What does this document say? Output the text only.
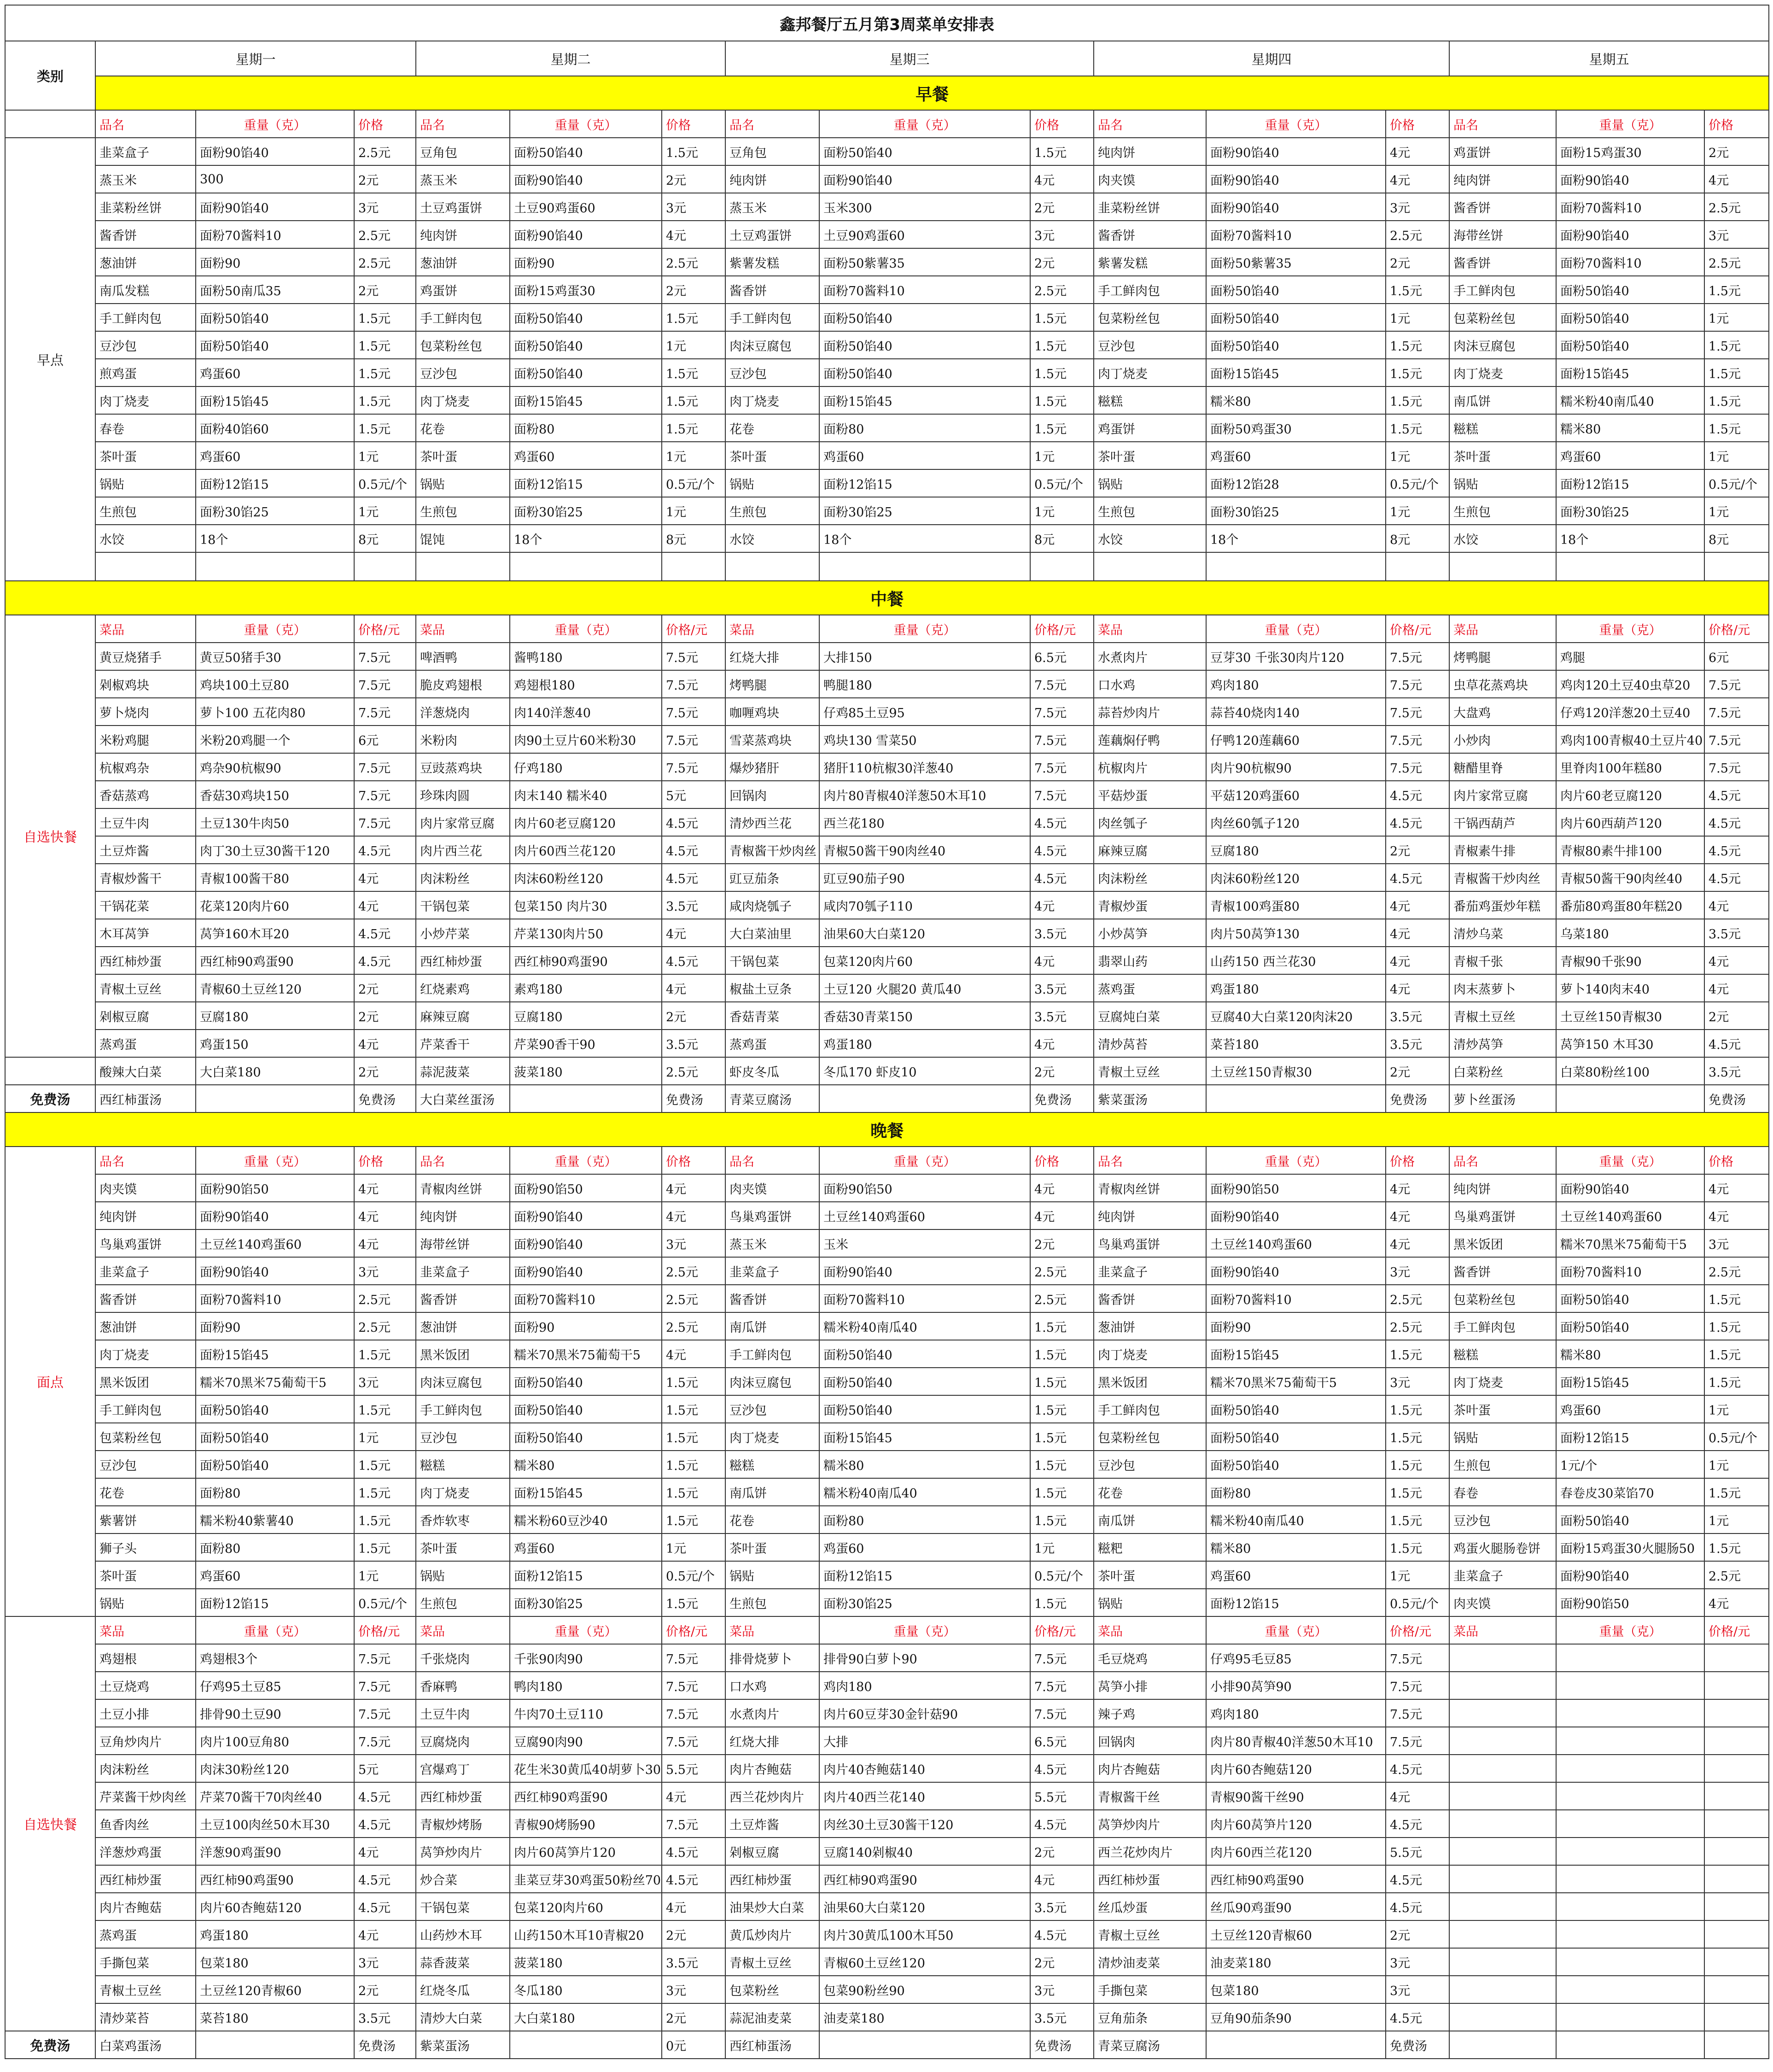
鑫邦餐厅五月第3周菜单安排表															
类别	星期一			星期二			星期三			星期四			星期五		
	早餐														
	品名	重量（克）	价格	品名	重量（克）	价格	品名	重量（克）	价格	品名	重量（克）	价格	品名	重量（克）	价格
早点	韭菜盒子	面粉90馅40	2.5元	豆角包	面粉50馅40	1.5元	豆角包	面粉50馅40	1.5元	纯肉饼	面粉90馅40	4元	鸡蛋饼	面粉15鸡蛋30	2元
	蒸玉米	300	2元	蒸玉米	面粉90馅40	2元	纯肉饼	面粉90馅40	4元	肉夹馍	面粉90馅40	4元	纯肉饼	面粉90馅40	4元
	韭菜粉丝饼	面粉90馅40	3元	土豆鸡蛋饼	土豆90鸡蛋60	3元	蒸玉米	玉米300	2元	韭菜粉丝饼	面粉90馅40	3元	酱香饼	面粉70酱料10	2.5元
	酱香饼	面粉70酱料10	2.5元	纯肉饼	面粉90馅40	4元	土豆鸡蛋饼	土豆90鸡蛋60	3元	酱香饼	面粉70酱料10	2.5元	海带丝饼	面粉90馅40	3元
	葱油饼	面粉90	2.5元	葱油饼	面粉90	2.5元	紫薯发糕	面粉50紫薯35	2元	紫薯发糕	面粉50紫薯35	2元	酱香饼	面粉70酱料10	2.5元
	南瓜发糕	面粉50南瓜35	2元	鸡蛋饼	面粉15鸡蛋30	2元	酱香饼	面粉70酱料10	2.5元	手工鲜肉包	面粉50馅40	1.5元	手工鲜肉包	面粉50馅40	1.5元
	手工鲜肉包	面粉50馅40	1.5元	手工鲜肉包	面粉50馅40	1.5元	手工鲜肉包	面粉50馅40	1.5元	包菜粉丝包	面粉50馅40	1元	包菜粉丝包	面粉50馅40	1元
	豆沙包	面粉50馅40	1.5元	包菜粉丝包	面粉50馅40	1元	肉沫豆腐包	面粉50馅40	1.5元	豆沙包	面粉50馅40	1.5元	肉沫豆腐包	面粉50馅40	1.5元
	煎鸡蛋	鸡蛋60	1.5元	豆沙包	面粉50馅40	1.5元	豆沙包	面粉50馅40	1.5元	肉丁烧麦	面粉15馅45	1.5元	肉丁烧麦	面粉15馅45	1.5元
	肉丁烧麦	面粉15馅45	1.5元	肉丁烧麦	面粉15馅45	1.5元	肉丁烧麦	面粉15馅45	1.5元	糍糕	糯米80	1.5元	南瓜饼	糯米粉40南瓜40	1.5元
	春卷	面粉40馅60	1.5元	花卷	面粉80	1.5元	花卷	面粉80	1.5元	鸡蛋饼	面粉50鸡蛋30	1.5元	糍糕	糯米80	1.5元
	茶叶蛋	鸡蛋60	1元	茶叶蛋	鸡蛋60	1元	茶叶蛋	鸡蛋60	1元	茶叶蛋	鸡蛋60	1元	茶叶蛋	鸡蛋60	1元
	锅贴	面粉12馅15	0.5元/个	锅贴	面粉12馅15	0.5元/个	锅贴	面粉12馅15	0.5元/个	锅贴	面粉12馅28	0.5元/个	锅贴	面粉12馅15	0.5元/个
	生煎包	面粉30馅25	1元	生煎包	面粉30馅25	1元	生煎包	面粉30馅25	1元	生煎包	面粉30馅25	1元	生煎包	面粉30馅25	1元
	水饺	18个	8元	馄饨	18个	8元	水饺	18个	8元	水饺	18个	8元	水饺	18个	8元

中餐															
自选快餐	菜品	重量（克）	价格/元	菜品	重量（克）	价格/元	菜品	重量（克）	价格/元	菜品	重量（克）	价格/元	菜品	重量（克）	价格/元
	黄豆烧猪手	黄豆50猪手30	7.5元	啤酒鸭	酱鸭180	7.5元	红烧大排	大排150	6.5元	水煮肉片	豆芽30 千张30肉片120	7.5元	烤鸭腿	鸡腿	6元
	剁椒鸡块	鸡块100土豆80	7.5元	脆皮鸡翅根	鸡翅根180	7.5元	烤鸭腿	鸭腿180	7.5元	口水鸡	鸡肉180	7.5元	虫草花蒸鸡块	鸡肉120土豆40虫草20	7.5元
	萝卜烧肉	萝卜100 五花肉80	7.5元	洋葱烧肉	肉140洋葱40	7.5元	咖喱鸡块	仔鸡85土豆95	7.5元	蒜苔炒肉片	蒜苔40烧肉140	7.5元	大盘鸡	仔鸡120洋葱20土豆40	7.5元
	米粉鸡腿	米粉20鸡腿一个	6元	米粉肉	肉90土豆片60米粉30	7.5元	雪菜蒸鸡块	鸡块130 雪菜50	7.5元	莲藕焖仔鸭	仔鸭120莲藕60	7.5元	小炒肉	鸡肉100青椒40土豆片40	7.5元
	杭椒鸡杂	鸡杂90杭椒90	7.5元	豆豉蒸鸡块	仔鸡180	7.5元	爆炒猪肝	猪肝110杭椒30洋葱40	7.5元	杭椒肉片	肉片90杭椒90	7.5元	糖醋里脊	里脊肉100年糕80	7.5元
	香菇蒸鸡	香菇30鸡块150	7.5元	珍珠肉圆	肉末140 糯米40	5元	回锅肉	肉片80青椒40洋葱50木耳10	7.5元	平菇炒蛋	平菇120鸡蛋60	4.5元	肉片家常豆腐	肉片60老豆腐120	4.5元
	土豆牛肉	土豆130牛肉50	7.5元	肉片家常豆腐	肉片60老豆腐120	4.5元	清炒西兰花	西兰花180	4.5元	肉丝瓠子	肉丝60瓠子120	4.5元	干锅西葫芦	肉片60西葫芦120	4.5元
	土豆炸酱	肉丁30土豆30酱干120	4.5元	肉片西兰花	肉片60西兰花120	4.5元	青椒酱干炒肉丝	青椒50酱干90肉丝40	4.5元	麻辣豆腐	豆腐180	2元	青椒素牛排	青椒80素牛排100	4.5元
	青椒炒酱干	青椒100酱干80	4元	肉沫粉丝	肉沫60粉丝120	4.5元	豇豆茄条	豇豆90茄子90	4.5元	肉沫粉丝	肉沫60粉丝120	4.5元	青椒酱干炒肉丝	青椒50酱干90肉丝40	4.5元
	干锅花菜	花菜120肉片60	4元	干锅包菜	包菜150 肉片30	3.5元	咸肉烧瓠子	咸肉70瓠子110	4元	青椒炒蛋	青椒100鸡蛋80	4元	番茄鸡蛋炒年糕	番茄80鸡蛋80年糕20	4元
	木耳莴笋	莴笋160木耳20	4.5元	小炒芹菜	芹菜130肉片50	4元	大白菜油里	油果60大白菜120	3.5元	小炒莴笋	肉片50莴笋130	4元	清炒乌菜	乌菜180	3.5元
	西红柿炒蛋	西红柿90鸡蛋90	4.5元	西红柿炒蛋	西红柿90鸡蛋90	4.5元	干锅包菜	包菜120肉片60	4元	翡翠山药	山药150 西兰花30	4元	青椒千张	青椒90千张90	4元
	青椒土豆丝	青椒60土豆丝120	2元	红烧素鸡	素鸡180	4元	椒盐土豆条	土豆120 火腿20 黄瓜40	3.5元	蒸鸡蛋	鸡蛋180	4元	肉末蒸萝卜	萝卜140肉末40	4元
	剁椒豆腐	豆腐180	2元	麻辣豆腐	豆腐180	2元	香菇青菜	香菇30青菜150	3.5元	豆腐炖白菜	豆腐40大白菜120肉沫20	3.5元	青椒土豆丝	土豆丝150青椒30	2元
	蒸鸡蛋	鸡蛋150	4元	芹菜香干	芹菜90香干90	3.5元	蒸鸡蛋	鸡蛋180	4元	清炒莴苔	菜苔180	3.5元	清炒莴笋	莴笋150 木耳30	4.5元
	酸辣大白菜	大白菜180	2元	蒜泥菠菜	菠菜180	2.5元	虾皮冬瓜	冬瓜170 虾皮10	2元	青椒土豆丝	土豆丝150青椒30	2元	白菜粉丝	白菜80粉丝100	3.5元
免费汤	西红柿蛋汤		免费汤	大白菜丝蛋汤		免费汤	青菜豆腐汤		免费汤	紫菜蛋汤		免费汤	萝卜丝蛋汤		免费汤
晚餐															
面点	品名	重量（克）	价格	品名	重量（克）	价格	品名	重量（克）	价格	品名	重量（克）	价格	品名	重量（克）	价格
	肉夹馍	面粉90馅50	4元	青椒肉丝饼	面粉90馅50	4元	肉夹馍	面粉90馅50	4元	青椒肉丝饼	面粉90馅50	4元	纯肉饼	面粉90馅40	4元
	纯肉饼	面粉90馅40	4元	纯肉饼	面粉90馅40	4元	鸟巢鸡蛋饼	土豆丝140鸡蛋60	4元	纯肉饼	面粉90馅40	4元	鸟巢鸡蛋饼	土豆丝140鸡蛋60	4元
	鸟巢鸡蛋饼	土豆丝140鸡蛋60	4元	海带丝饼	面粉90馅40	3元	蒸玉米	玉米	2元	鸟巢鸡蛋饼	土豆丝140鸡蛋60	4元	黑米饭团	糯米70黑米75葡萄干5	3元
	韭菜盒子	面粉90馅40	3元	韭菜盒子	面粉90馅40	2.5元	韭菜盒子	面粉90馅40	2.5元	韭菜盒子	面粉90馅40	3元	酱香饼	面粉70酱料10	2.5元
	酱香饼	面粉70酱料10	2.5元	酱香饼	面粉70酱料10	2.5元	酱香饼	面粉70酱料10	2.5元	酱香饼	面粉70酱料10	2.5元	包菜粉丝包	面粉50馅40	1.5元
	葱油饼	面粉90	2.5元	葱油饼	面粉90	2.5元	南瓜饼	糯米粉40南瓜40	1.5元	葱油饼	面粉90	2.5元	手工鲜肉包	面粉50馅40	1.5元
	肉丁烧麦	面粉15馅45	1.5元	黑米饭团	糯米70黑米75葡萄干5	4元	手工鲜肉包	面粉50馅40	1.5元	肉丁烧麦	面粉15馅45	1.5元	糍糕	糯米80	1.5元
	黑米饭团	糯米70黑米75葡萄干5	3元	肉沫豆腐包	面粉50馅40	1.5元	肉沫豆腐包	面粉50馅40	1.5元	黑米饭团	糯米70黑米75葡萄干5	3元	肉丁烧麦	面粉15馅45	1.5元
	手工鲜肉包	面粉50馅40	1.5元	手工鲜肉包	面粉50馅40	1.5元	豆沙包	面粉50馅40	1.5元	手工鲜肉包	面粉50馅40	1.5元	茶叶蛋	鸡蛋60	1元
	包菜粉丝包	面粉50馅40	1元	豆沙包	面粉50馅40	1.5元	肉丁烧麦	面粉15馅45	1.5元	包菜粉丝包	面粉50馅40	1.5元	锅贴	面粉12馅15	0.5元/个
	豆沙包	面粉50馅40	1.5元	糍糕	糯米80	1.5元	糍糕	糯米80	1.5元	豆沙包	面粉50馅40	1.5元	生煎包	1元/个	1元
	花卷	面粉80	1.5元	肉丁烧麦	面粉15馅45	1.5元	南瓜饼	糯米粉40南瓜40	1.5元	花卷	面粉80	1.5元	春卷	春卷皮30菜馅70	1.5元
	紫薯饼	糯米粉40紫薯40	1.5元	香炸软枣	糯米粉60豆沙40	1.5元	花卷	面粉80	1.5元	南瓜饼	糯米粉40南瓜40	1.5元	豆沙包	面粉50馅40	1元
	狮子头	面粉80	1.5元	茶叶蛋	鸡蛋60	1元	茶叶蛋	鸡蛋60	1元	糍粑	糯米80	1.5元	鸡蛋火腿肠卷饼	面粉15鸡蛋30火腿肠50	1.5元
	茶叶蛋	鸡蛋60	1元	锅贴	面粉12馅15	0.5元/个	锅贴	面粉12馅15	0.5元/个	茶叶蛋	鸡蛋60	1元	韭菜盒子	面粉90馅40	2.5元
	锅贴	面粉12馅15	0.5元/个	生煎包	面粉30馅25	1.5元	生煎包	面粉30馅25	1.5元	锅贴	面粉12馅15	0.5元/个	肉夹馍	面粉90馅50	4元
自选快餐	菜品	重量（克）	价格/元	菜品	重量（克）	价格/元	菜品	重量（克）	价格/元	菜品	重量（克）	价格/元	菜品	重量（克）	价格/元
	鸡翅根	鸡翅根3个	7.5元	千张烧肉	千张90肉90	7.5元	排骨烧萝卜	排骨90白萝卜90	7.5元	毛豆烧鸡	仔鸡95毛豆85	7.5元			
	土豆烧鸡	仔鸡95土豆85	7.5元	香麻鸭	鸭肉180	7.5元	口水鸡	鸡肉180	7.5元	莴笋小排	小排90莴笋90	7.5元			
	土豆小排	排骨90土豆90	7.5元	土豆牛肉	牛肉70土豆110	7.5元	水煮肉片	肉片60豆芽30金针菇90	7.5元	辣子鸡	鸡肉180	7.5元			
	豆角炒肉片	肉片100豆角80	7.5元	豆腐烧肉	豆腐90肉90	7.5元	红烧大排	大排	6.5元	回锅肉	肉片80青椒40洋葱50木耳10	7.5元			
	肉沫粉丝	肉沫30粉丝120	5元	宫爆鸡丁	花生米30黄瓜40胡萝卜30	5.5元	肉片杏鲍菇	肉片40杏鲍菇140	4.5元	肉片杏鲍菇	肉片60杏鲍菇120	4.5元			
	芹菜酱干炒肉丝	芹菜70酱干70肉丝40	4.5元	西红柿炒蛋	西红柿90鸡蛋90	4元	西兰花炒肉片	肉片40西兰花140	5.5元	青椒酱干丝	青椒90酱干丝90	4元			
	鱼香肉丝	土豆100肉丝50木耳30	4.5元	青椒炒烤肠	青椒90烤肠90	7.5元	土豆炸酱	肉丝30土豆30酱干120	4.5元	莴笋炒肉片	肉片60莴笋片120	4.5元			
	洋葱炒鸡蛋	洋葱90鸡蛋90	4元	莴笋炒肉片	肉片60莴笋片120	4.5元	剁椒豆腐	豆腐140剁椒40	2元	西兰花炒肉片	肉片60西兰花120	5.5元			
	西红柿炒蛋	西红柿90鸡蛋90	4.5元	炒合菜	韭菜豆芽30鸡蛋50粉丝70	4.5元	西红柿炒蛋	西红柿90鸡蛋90	4元	西红柿炒蛋	西红柿90鸡蛋90	4.5元			
	肉片杏鲍菇	肉片60杏鲍菇120	4.5元	干锅包菜	包菜120肉片60	4元	油果炒大白菜	油果60大白菜120	3.5元	丝瓜炒蛋	丝瓜90鸡蛋90	4.5元			
	蒸鸡蛋	鸡蛋180	4元	山药炒木耳	山药150木耳10青椒20	2元	黄瓜炒肉片	肉片30黄瓜100木耳50	4.5元	青椒土豆丝	土豆丝120青椒60	2元			
	手撕包菜	包菜180	3元	蒜香菠菜	菠菜180	3.5元	青椒土豆丝	青椒60土豆丝120	2元	清炒油麦菜	油麦菜180	3元			
	青椒土豆丝	土豆丝120青椒60	2元	红烧冬瓜	冬瓜180	3元	包菜粉丝	包菜90粉丝90	3元	手撕包菜	包菜180	3元			
	清炒菜苔	菜苔180	3.5元	清炒大白菜	大白菜180	2元	蒜泥油麦菜	油麦菜180	3.5元	豆角茄条	豆角90茄条90	4.5元			
免费汤	白菜鸡蛋汤		免费汤	紫菜蛋汤		0元	西红柿蛋汤		免费汤	青菜豆腐汤		免费汤			
